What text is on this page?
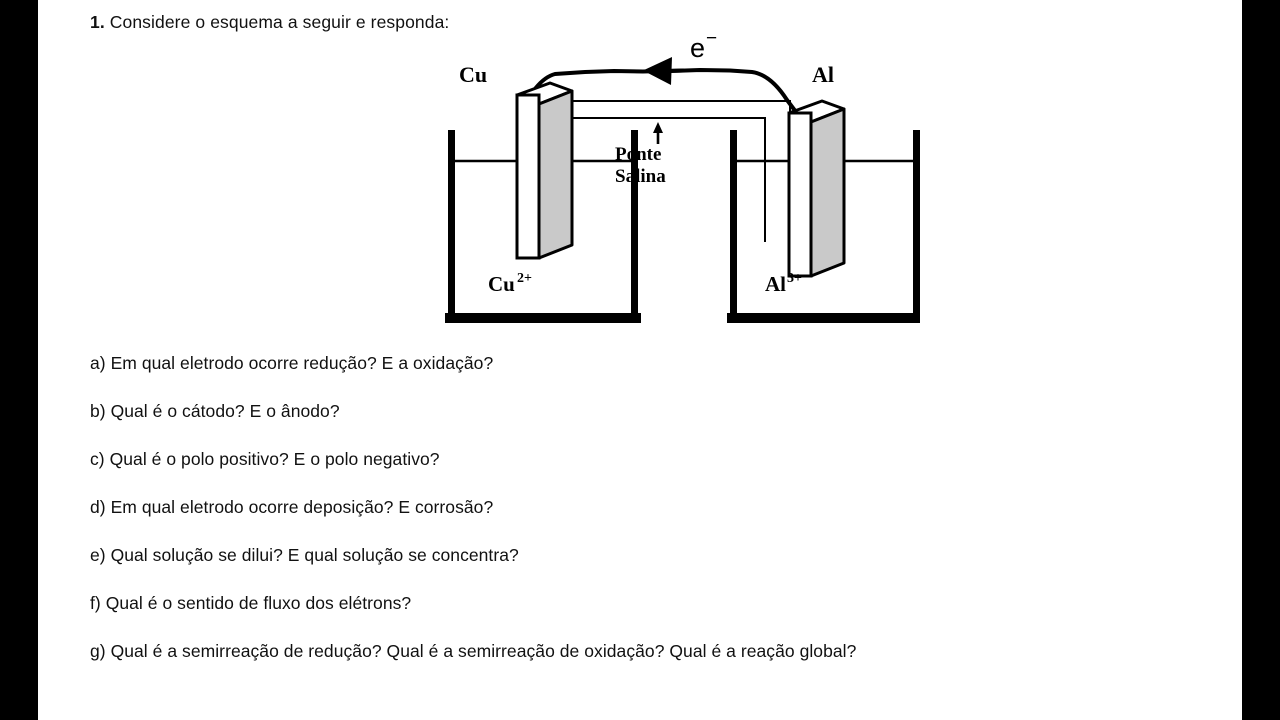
1. Considere o esquema a seguir e responda:
Cu	Al
e −
Ponte
Salina
Cu 2+	Al 3+
a) Em qual eletrodo ocorre redução? E a oxidação?
b) Qual é o cátodo? E o ânodo?
c) Qual é o polo positivo? E o polo negativo?
d) Em qual eletrodo ocorre deposição? E corrosão?
e) Qual solução se dilui? E qual solução se concentra?
f) Qual é o sentido de fluxo dos elétrons?
g) Qual é a semirreação de redução? Qual é a semirreação de oxidação? Qual é a reação global?
